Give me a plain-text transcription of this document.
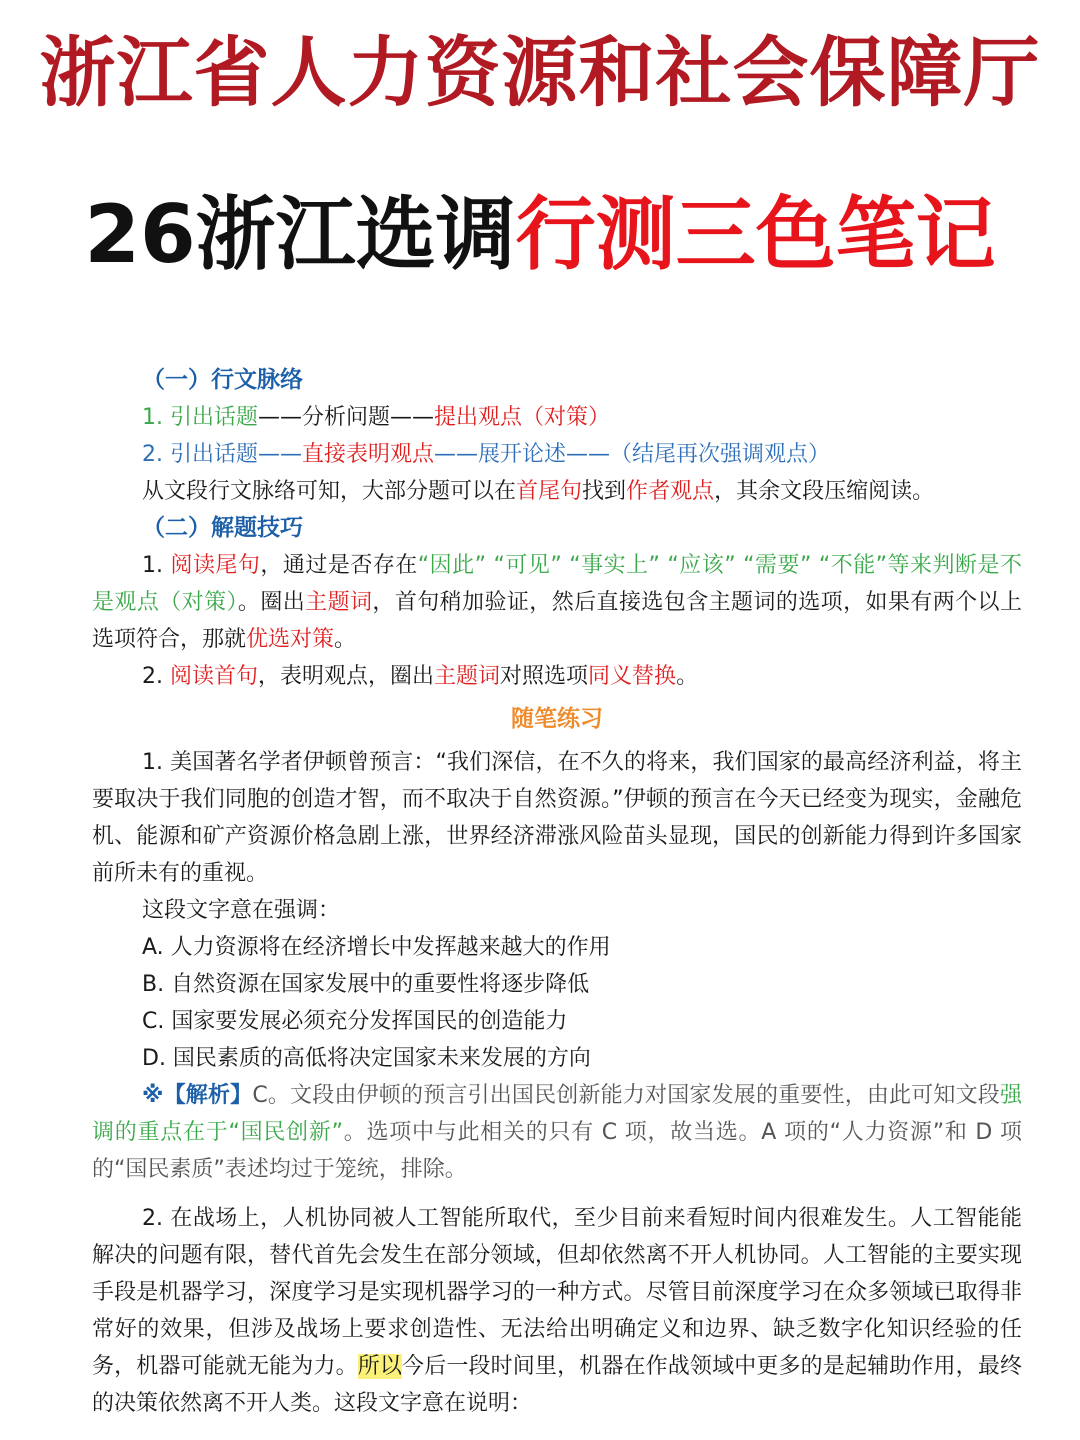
浙江省人力资源和社会保障厅
26浙江选调行测三色笔记
（一）行文脉络
1. 引出话题——分析问题——提出观点（对策）
2. 引出话题——直接表明观点——展开论述——（结尾再次强调观点）
从文段行文脉络可知，大部分题可以在首尾句找到作者观点，其余文段压缩阅读。
（二）解题技巧
1. 阅读尾句，通过是否存在“因此” “可见” “事实上” “应该” “需要” “不能”等来判断是不是观点（对策）。圈出主题词，首句稍加验证，然后直接选包含主题词的选项，如果有两个以上选项符合，那就优选对策。
2. 阅读首句，表明观点，圈出主题词对照选项同义替换。
随笔练习
1. 美国著名学者伊顿曾预言：“我们深信，在不久的将来，我们国家的最高经济利益，将主要取决于我们同胞的创造才智，而不取决于自然资源。”伊顿的预言在今天已经变为现实，金融危机、能源和矿产资源价格急剧上涨，世界经济滞涨风险苗头显现，国民的创新能力得到许多国家前所未有的重视。
这段文字意在强调：
A. 人力资源将在经济增长中发挥越来越大的作用
B. 自然资源在国家发展中的重要性将逐步降低
C. 国家要发展必须充分发挥国民的创造能力
D. 国民素质的高低将决定国家未来发展的方向
※【解析】C。文段由伊顿的预言引出国民创新能力对国家发展的重要性，由此可知文段强调的重点在于“国民创新”。选项中与此相关的只有 C 项，故当选。A 项的“人力资源”和 D 项的“国民素质”表述均过于笼统，排除。
2. 在战场上，人机协同被人工智能所取代，至少目前来看短时间内很难发生。人工智能能解决的问题有限，替代首先会发生在部分领域，但却依然离不开人机协同。人工智能的主要实现手段是机器学习，深度学习是实现机器学习的一种方式。尽管目前深度学习在众多领域已取得非常好的效果，但涉及战场上要求创造性、无法给出明确定义和边界、缺乏数字化知识经验的任务，机器可能就无能为力。所以今后一段时间里，机器在作战领域中更多的是起辅助作用，最终的决策依然离不开人类。这段文字意在说明：
